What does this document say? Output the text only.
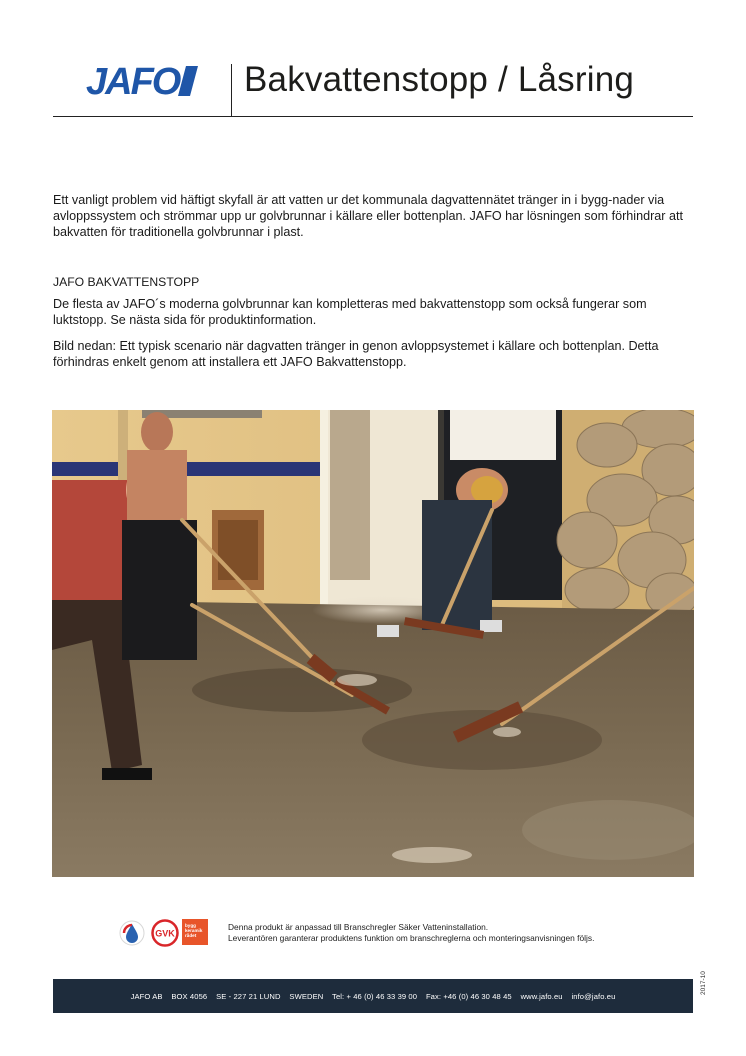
JAFO Bakvattenstopp / Låsring

Ett vanligt problem vid häftigt skyfall är att vatten ur det kommunala dagvattennätet tränger in i bygg-nader via avloppssystem och strömmar upp ur golvbrunnar i källare eller bottenplan. JAFO har lösningen som förhindrar att bakvatten för traditionella golvbrunnar i plast.

JAFO BAKVATTENSTOPP

De flesta av JAFO´s moderna golvbrunnar kan kompletteras med bakvattenstopp som också fungerar som luktstopp. Se nästa sida för produktinformation.

Bild nedan: Ett typisk scenario när dagvatten tränger in genon avloppsystemet i källare och bottenplan. Detta förhindras enkelt genom att installera ett JAFO Bakvattenstopp.

GVK
bygg keramik rådet
Denna produkt är anpassad till Branschregler Säker Vatteninstallation.
Leverantören garanterar produktens funktion om branschreglerna och monteringsanvisningen följs.
JAFO AB BOX 4056 SE - 227 21 LUND SWEDEN Tel: + 46 (0) 46 33 39 00 Fax: +46 (0) 46 30 48 45 www.jafo.eu info@jafo.eu
2017-10
